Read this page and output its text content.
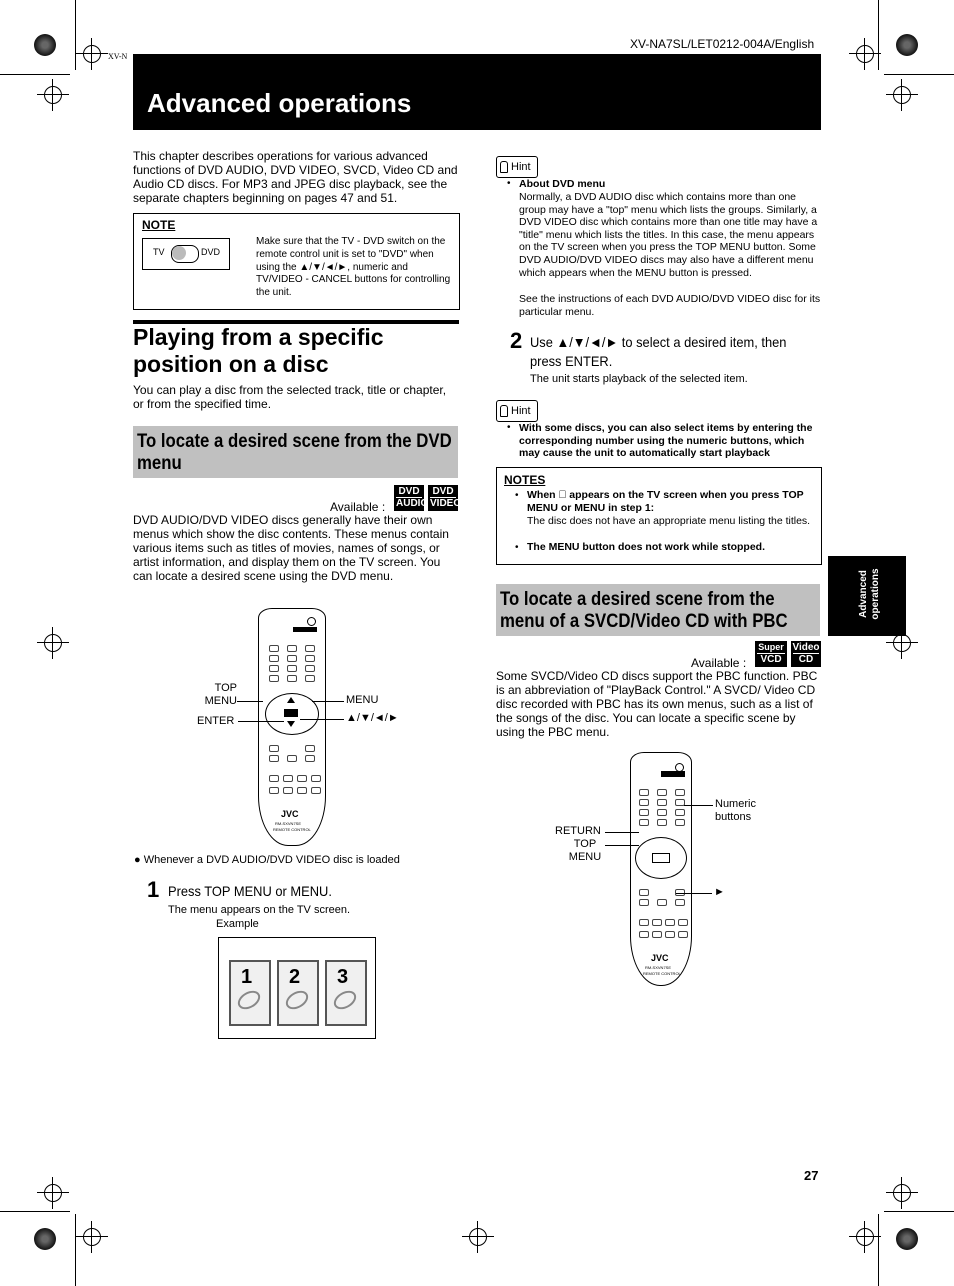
XV-N
XV-NA7SL/LET0212-004A/English
Advanced operations

This chapter describes operations for various advanced functions of DVD AUDIO, DVD VIDEO, SVCD, Video CD and Audio CD discs. For MP3 and JPEG disc playback, see the separate chapters beginning on pages 47 and 51.

NOTE
TV	DVD

Make sure that the TV - DVD switch on the remote control unit is set to "DVD" when using the ▲/▼/◄/►, numeric and TV/VIDEO - CANCEL buttons for controlling the unit.

Playing from a specific position on a disc

You can play a disc from the selected track, title or chapter, or from the specified time.

To locate a desired scene from the DVD menu
Available :
DVD
AUDIO
DVD
VIDEO

DVD AUDIO/DVD VIDEO discs generally have their own menus which show the disc contents. These menus contain various items such as titles of movies, names of songs, or artist information, and display them on the TV screen. You can locate a desired scene using the DVD menu.

JVC
RM-SXVN7SE
REMOTE CONTROL
TOP MENU
ENTER
MENU
▲/▼/◄/►
● Whenever a DVD AUDIO/DVD VIDEO disc is loaded
1 Press TOP MENU or MENU.
The menu appears on the TV screen.
Example
1 2 3
Hint
• About DVD menu

Normally, a DVD AUDIO disc which contains more than one group may have a "top" menu which lists the groups. Similarly, a DVD VIDEO disc which contains more than one title may have a "title" menu which lists the titles. In this case, the menu appears on the TV screen when you press the TOP MENU button. Some DVD AUDIO/DVD VIDEO discs may also have a different menu which appears when the MENU button is pressed.

See the instructions of each DVD AUDIO/DVD VIDEO disc for its particular menu.

2 Use ▲/▼/◄/► to select a desired item, then press ENTER.
The unit starts playback of the selected item.
Hint
• With some discs, you can also select items by entering the corresponding number using the numeric buttons, which may cause the unit to automatically start playback

NOTES
• When ⃠ appears on the TV screen when you press TOP MENU or MENU in step 1:

The disc does not have an appropriate menu listing the titles.

• The MENU button does not work while stopped.

Advanced operations
To locate a desired scene from the menu of a SVCD/Video CD with PBC
Available :
Super
VCD
Video
CD

Some SVCD/Video CD discs support the PBC function. PBC is an abbreviation of "PlayBack Control." A SVCD/ Video CD disc recorded with PBC has its own menus, such as a list of the songs of the disc. You can locate a specific scene by using the PBC menu.

JVC
RM-SXVN7SE
REMOTE CONTROL
Numeric buttons
RETURN
TOP MENU
►
27
